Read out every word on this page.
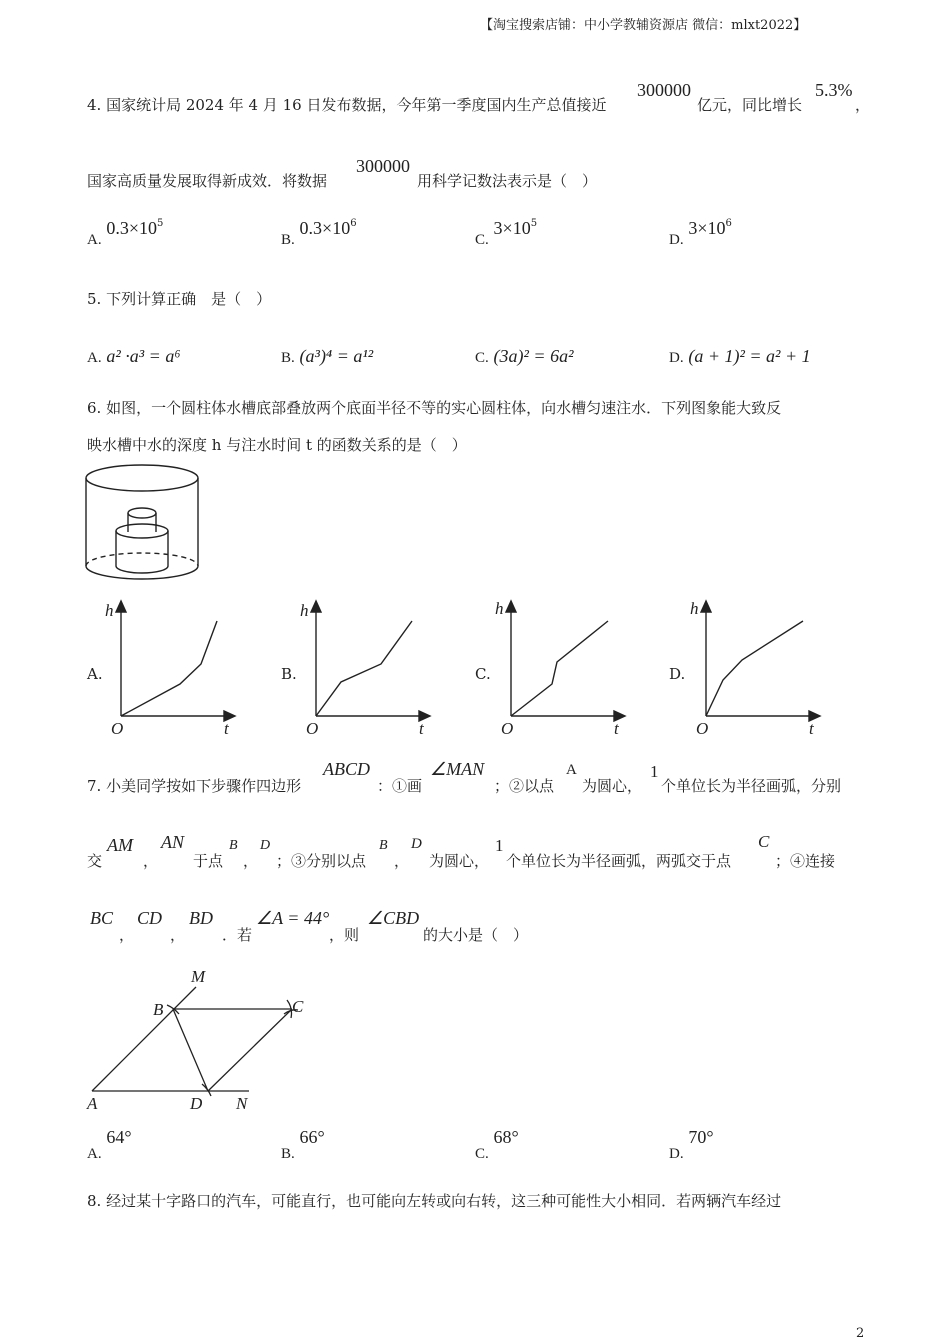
【淘宝搜索店铺：中小学教辅资源店 微信：mlxt2022】
4. 国家统计局 2024 年 4 月 16 日发布数据，今年第一季度国内生产总值接近
300000
亿元，同比增长
5.3%
，
国家高质量发展取得新成效．将数据
300000
用科学记数法表示是（　）
A. $0.3\times 10^5$
B. $0.3\times 10^6$
C. $3\times 10^5$
D. $3\times 10^6$
5. 下列计算正确　是（　）
A. a² ·a³ = a⁶	B. (a³)⁴ = a¹²	C. (3a)² = 6a²	D. (a + 1)² = a² + 1
6. 如图，一个圆柱体水槽底部叠放两个底面半径不等的实心圆柱体，向水槽匀速注水．下列图象能大致反
映水槽中水的深度 h 与注水时间 t 的函数关系的是（　）
A.
h
t
O
B.
h
t
O
C.
h
t
O
D.
h
t
O
7. 小美同学按如下步骤作四边形
ABCD
：①画
∠MAN
；②以点
A
为圆心，
1
个单位长为半径画弧，分别
交
AM
，
AN
于点
B
，
D
；③分别以点
B
，
D
为圆心，
1
个单位长为半径画弧，两弧交于点
C
；④连接
BC
，
CD
，
BD
．若
∠A = 44°
，则
∠CBD
的大小是（　）
M
B	C
A	D N
A. 64°
B. 66°
C. 68°
D. 70°
8. 经过某十字路口的汽车，可能直行，也可能向左转或向右转，这三种可能性大小相同．若两辆汽车经过
2
